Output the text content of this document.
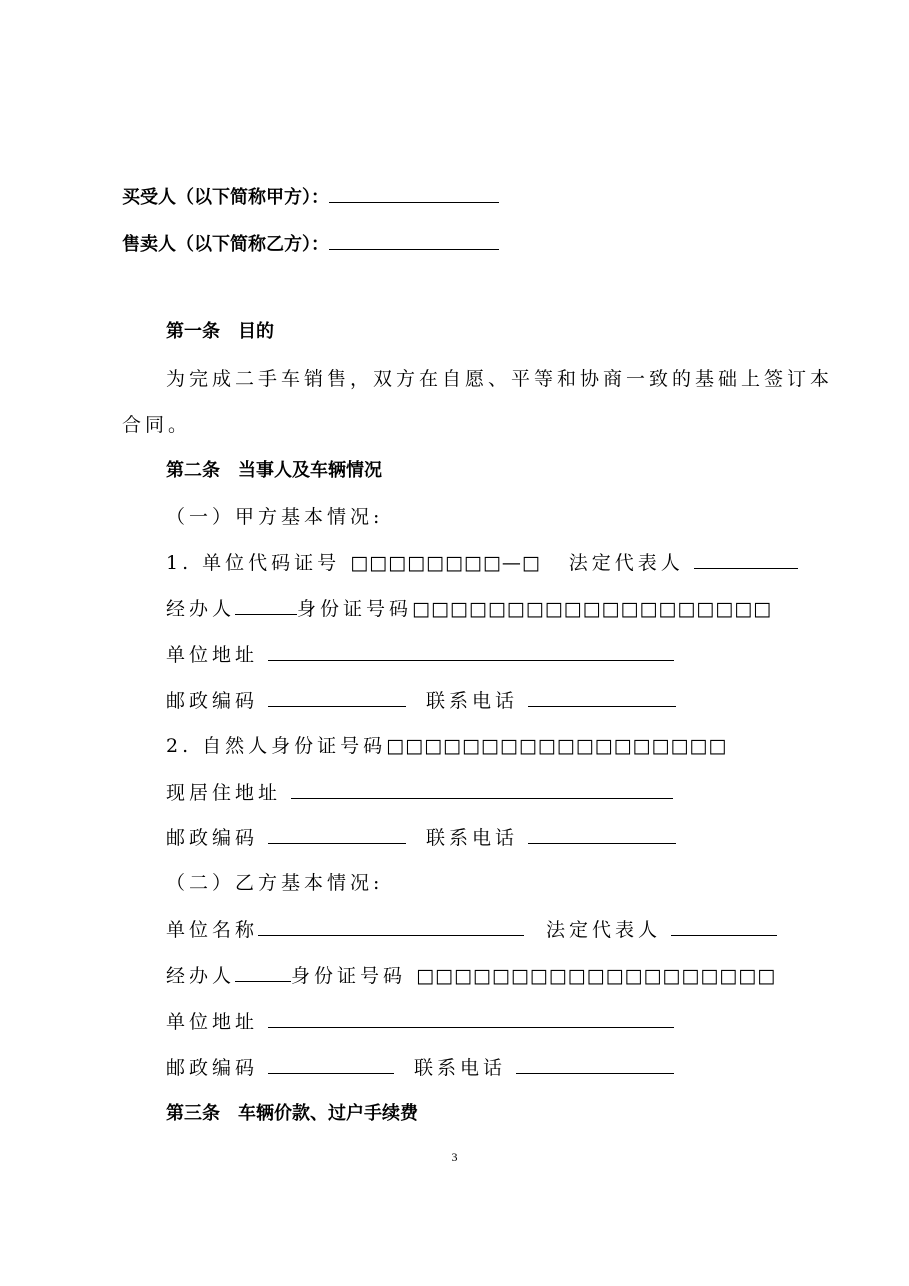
买受人（以下简称甲方）：
售卖人（以下简称乙方）：
第一条　目的
为完成二手车销售，双方在自愿、平等和协商一致的基础上签订本
合同。
第二条　当事人及车辆情况
（一）甲方基本情况:
1. 单位代码证号 □□□□□□□□—□ 法定代表人
经办人	身份证号码□□□□□□□□□□□□□□□□□□□
单位地址
邮政编码	联系电话
2. 自然人身份证号码□□□□□□□□□□□□□□□□□□
现居住地址
邮政编码	联系电话
（二）乙方基本情况:
单位名称	法定代表人
经办人	身份证号码 □□□□□□□□□□□□□□□□□□□
单位地址
邮政编码	联系电话
第三条　车辆价款、过户手续费
3
